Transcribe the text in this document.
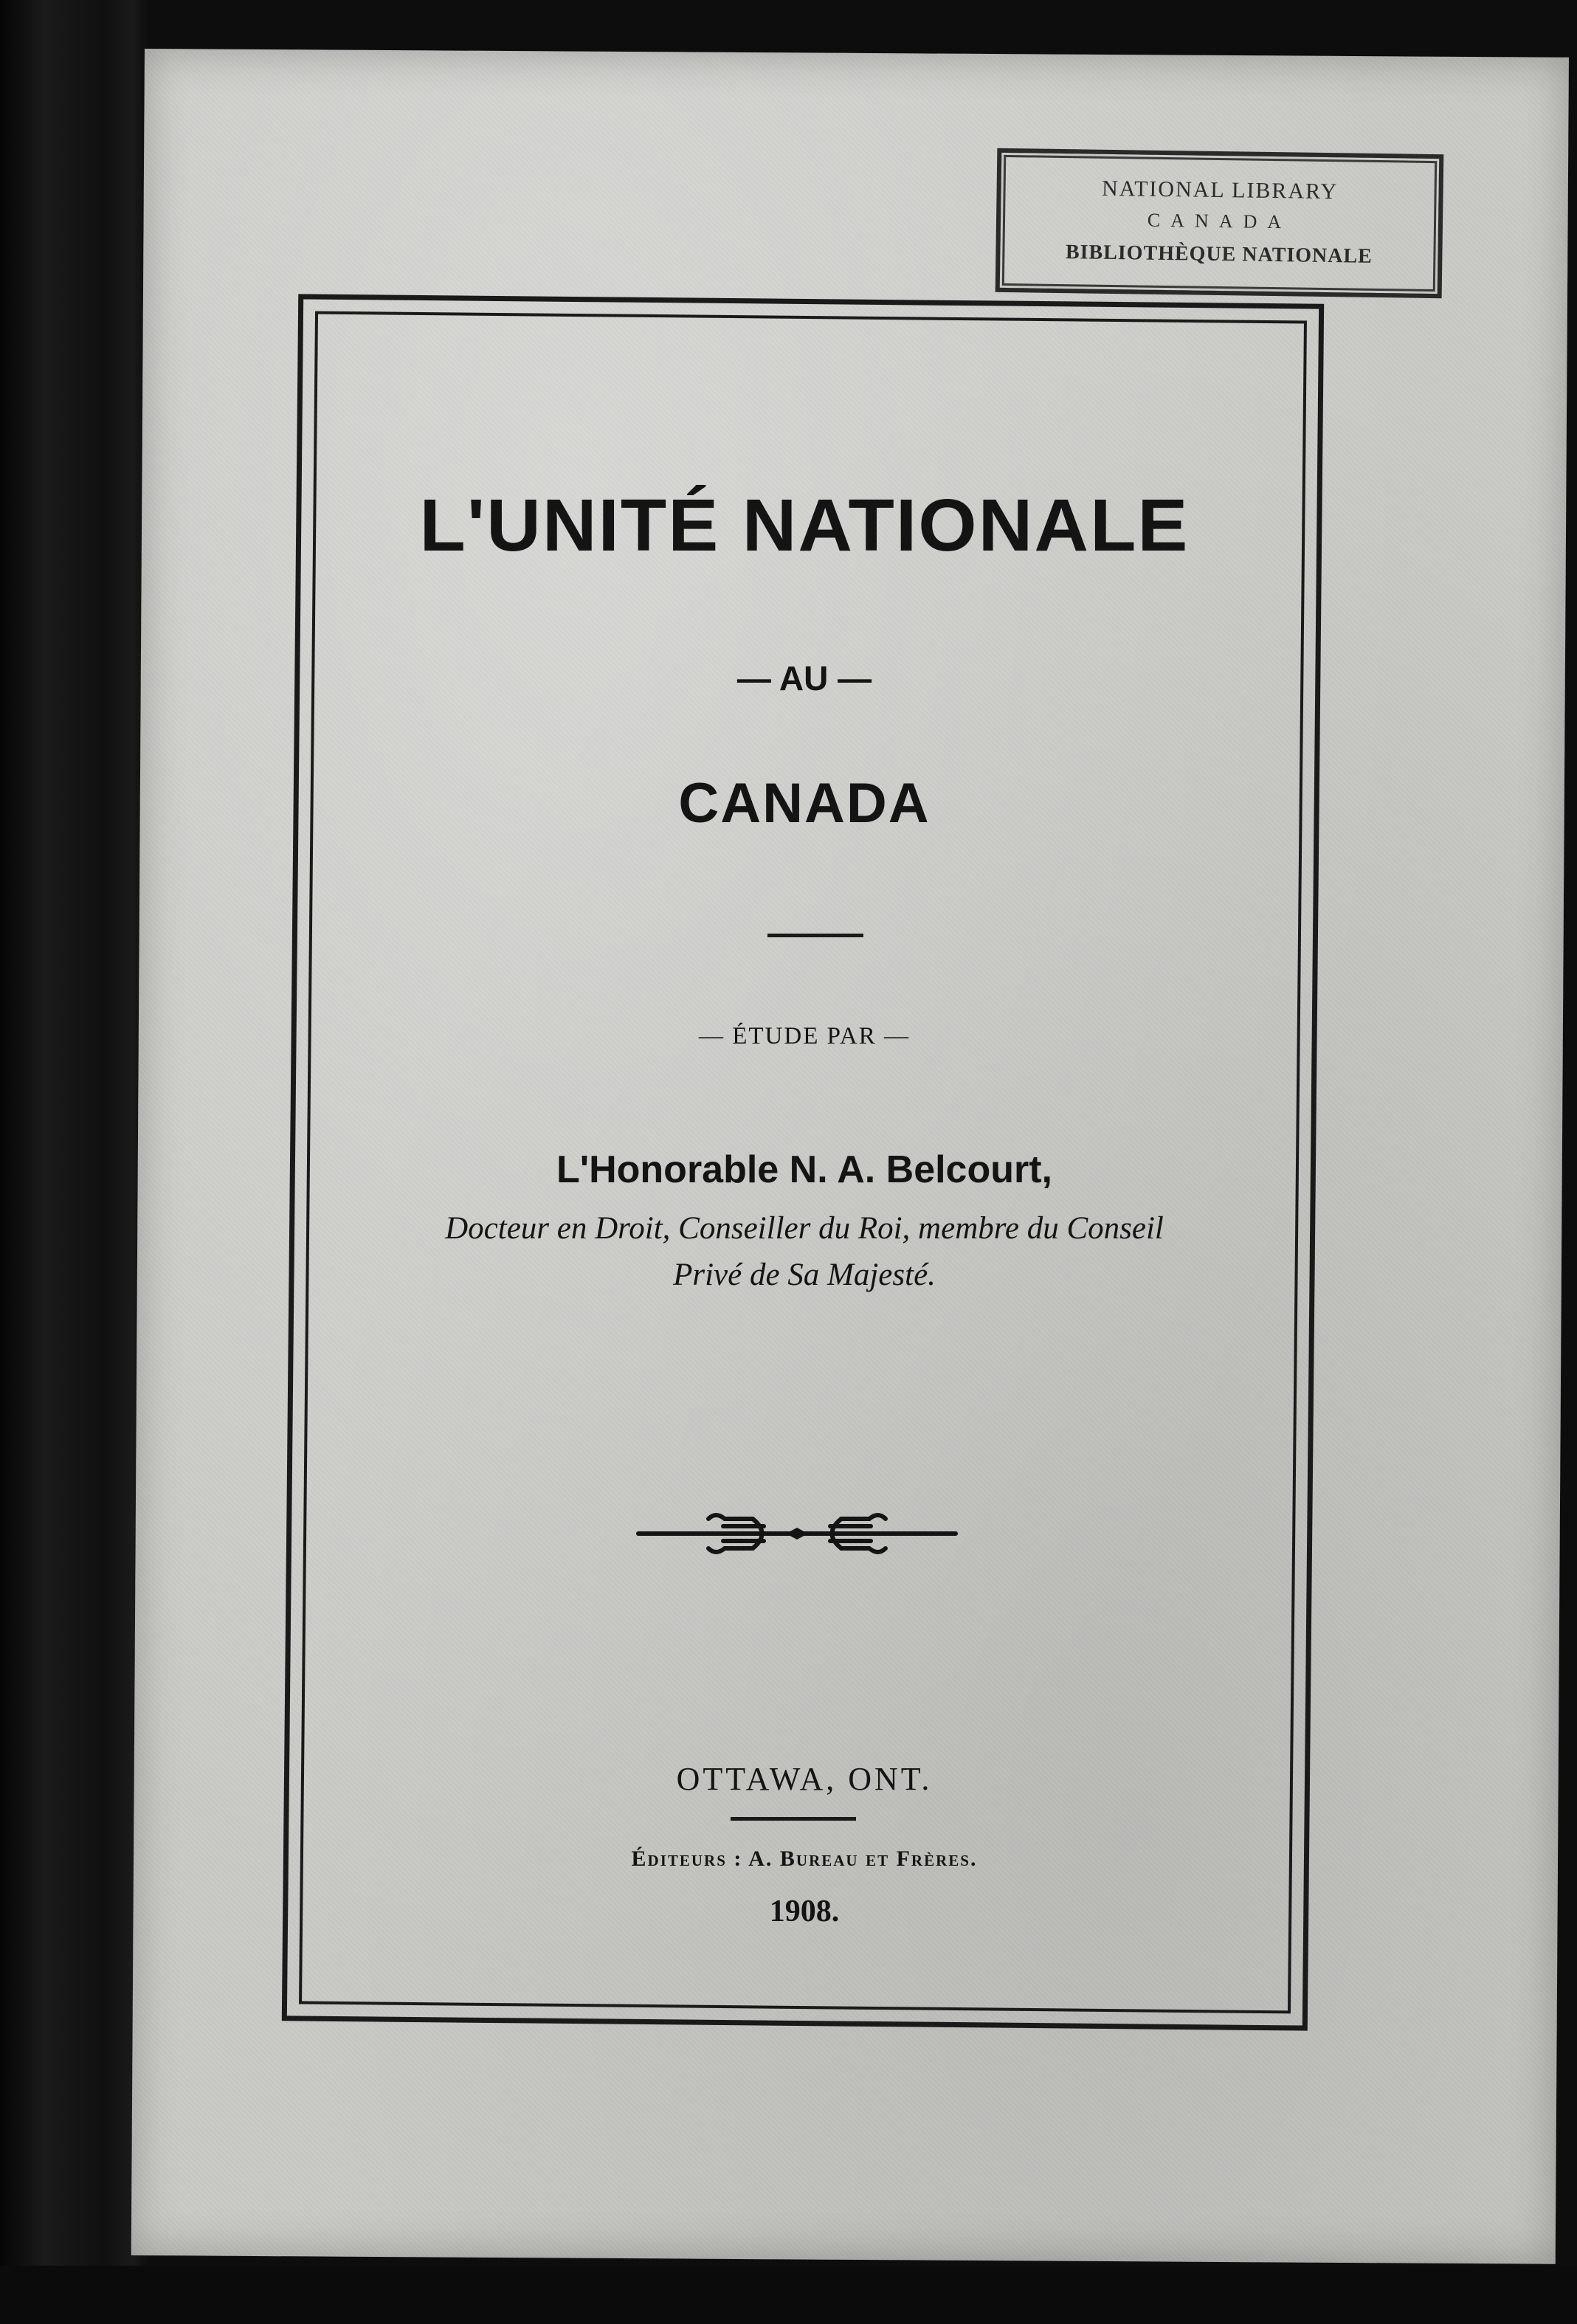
NATIONAL LIBRARY
CANADA
BIBLIOTHÈQUE NATIONALE
L'UNITÉ NATIONALE
— AU —
CANADA
— ÉTUDE PAR —
L'Honorable N. A. Belcourt,
Docteur en Droit, Conseiller du Roi, membre du Conseil
Privé de Sa Majesté.
OTTAWA, ONT.
Éditeurs : A. Bureau et Frères.
1908.
